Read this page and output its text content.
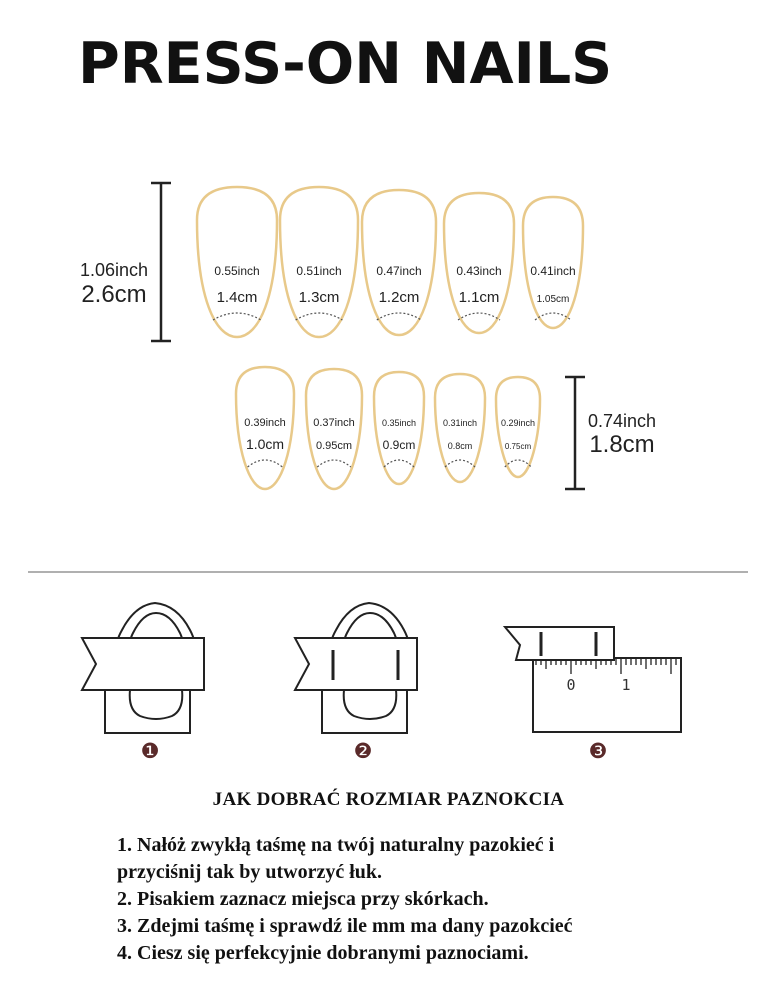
PRESS-ON NAILS
1.06inch
2.6cm
0.74inch
1.8cm
0.55inch
1.4cm
0.51inch
1.3cm
0.47inch
1.2cm
0.43inch
1.1cm
0.41inch
1.05cm
0.39inch
1.0cm
0.37inch
0.95cm
0.35inch
0.9cm
0.31inch
0.8cm
0.29inch
0.75cm
❶	❷
0	1
❸
JAK DOBRAĆ ROZMIAR PAZNOKCIA
1. Nałóż zwykłą taśmę na twój naturalny pazokieć i
przyciśnij tak by utworzyć łuk.
2. Pisakiem zaznacz miejsca przy skórkach.
3. Zdejmi taśmę i sprawdź ile mm ma dany pazokcieć
4. Ciesz się perfekcyjnie dobranymi paznociami.
